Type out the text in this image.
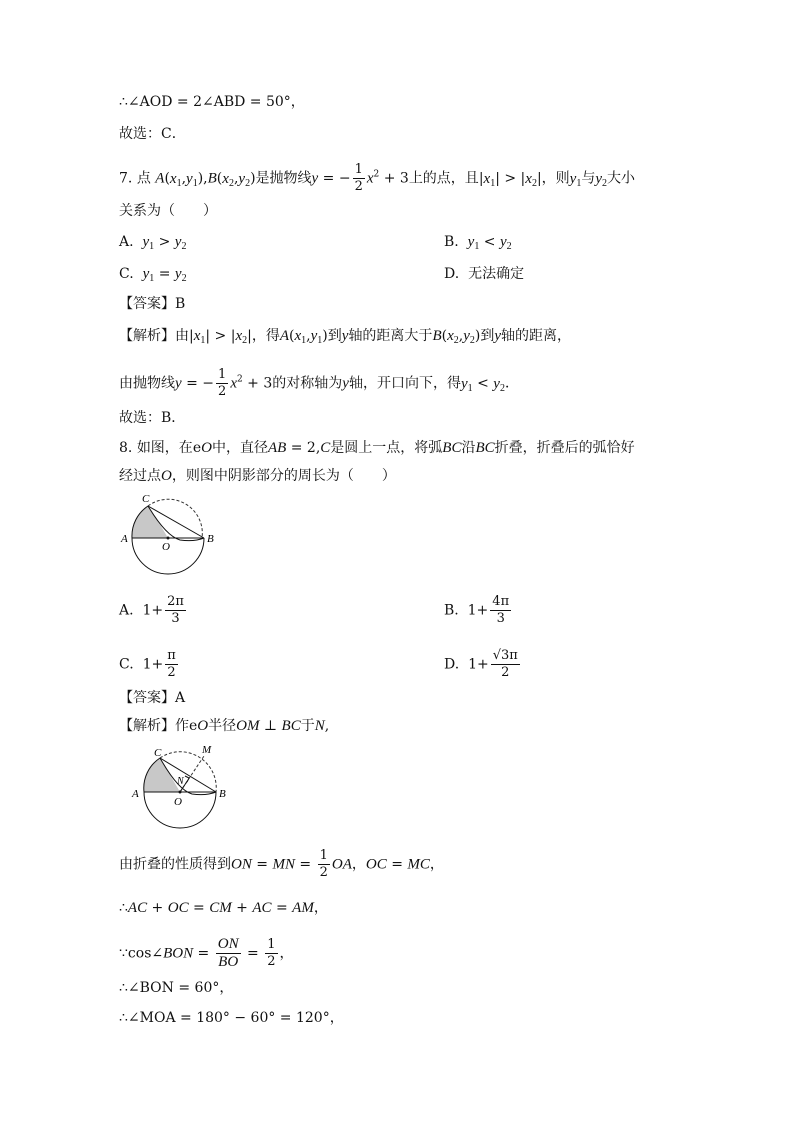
∴∠AOD = 2∠ABD = 50°，
故选：C．
7. 点 $A(x_1,y_1),B(x_2,y_2)$是抛物线y = − $\frac{1}{2} x^2 + 3$上的点，且$|x_1| > |x_2|$，则$y_1$与$y_2$大小
关系为（　　）
A. $y_1 > y_2$	B. $y_1 < y_2$
C. $y_1 = y_2$	D. 无法确定
【答案】B
【解析】由$|x_1| > |x_2|$，得$A(x_1,y_1)$到y轴的距离大于$B(x_2,y_2)$到y轴的距离，
由抛物线y = − $\frac{1}{2} x^2 + 3$的对称轴为y轴，开口向下，得$y_1 < y_2$．
故选：B．
8. 如图，在eO中，直径AB = 2,C是圆上一点，将弧BC沿BC折叠，折叠后的弧恰好
经过点O，则图中阴影部分的周长为（　　）
A	B
C
O
A.  $1+ \frac{2\pi}{3}$	B.  $1+ \frac{4\pi}{3}$
C.  $1+ \frac{\pi}{2}$	D.  $1+ \frac{√3\pi}{2}$
【答案】A
【解析】作eO半径OM ⊥ BC于N,
A	B
C
O
M
N
由折叠的性质得到ON = MN = $\frac{1}{2}$ OA，OC = MC，
∴AC + OC = CM + AC = AM，
∵cos∠BON = $\frac{ON}{BO} = \frac{1}{2}$ ，
∴∠BON = 60°，
∴∠MOA = 180° − 60° = 120°，
